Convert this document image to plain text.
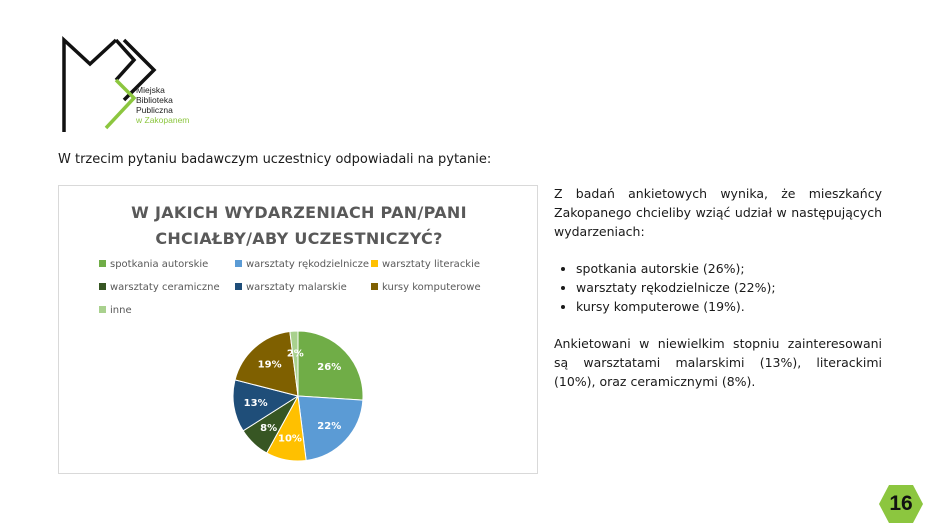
Miejska
Biblioteka
Publiczna
w Zakopanem
W trzecim pytaniu badawczym uczestnicy odpowiadali na pytanie:
W JAKICH WYDARZENIACH PAN/PANI
CHCIAŁBY/ABY UCZESTNICZYĆ?
spotkania autorskie	warsztaty rękodzielnicze	warsztaty literackie
warsztaty ceramiczne	warsztaty malarskie	kursy komputerowe
inne
26%
22%
10%
8%
13%
19%
2%

Z badań ankietowych wynika, że mieszkańcy Zakopanego chcieliby wziąć udział w następujących wydarzeniach:

• spotkania autorskie (26%);
• warsztaty rękodzielnicze (22%);
• kursy komputerowe (19%).

Ankietowani w niewielkim stopniu zainteresowani są warsztatami malarskimi (13%), literackimi (10%), oraz ceramicznymi (8%).

16
